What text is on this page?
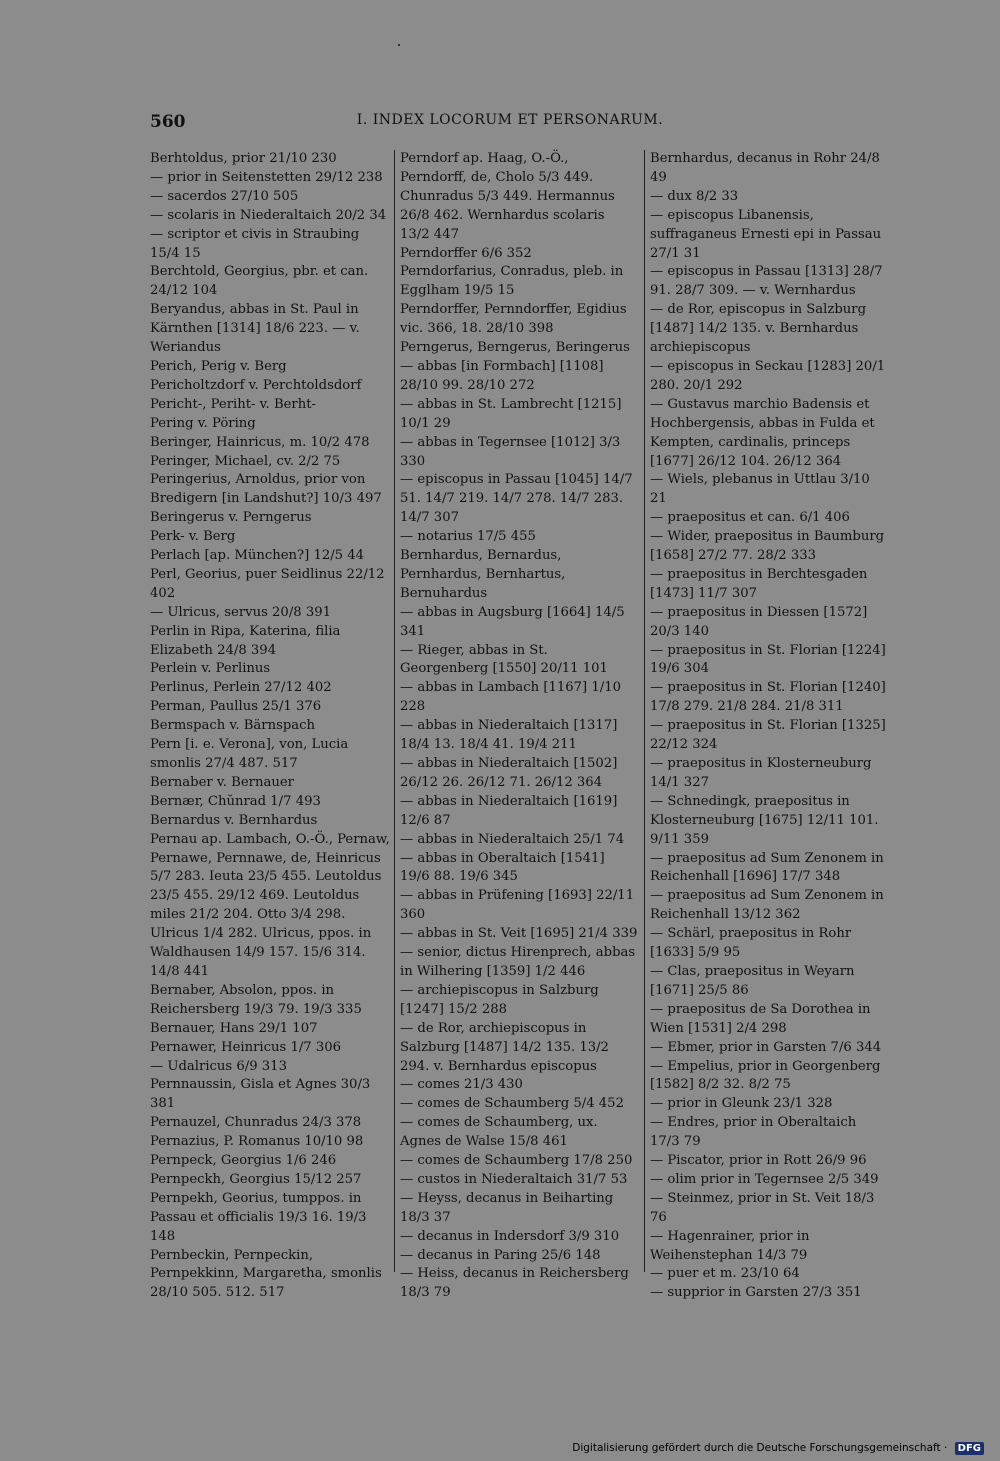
560	I. INDEX LOCORUM ET PERSONARUM.
Berhtoldus, prior 21/10 230
— prior in Seitenstetten 29/12 238
— sacerdos 27/10 505
— scolaris in Niederaltaich 20/2 34
— scriptor et civis in Straubing 15/4 15
Berchtold, Georgius, pbr. et can. 24/12 104
Beryandus, abbas in St. Paul in Kärnthen [1314] 18/6 223. — v. Weriandus
Perich, Perig v. Berg
Pericholtzdorf v. Perchtoldsdorf
Pericht-, Periht- v. Berht-
Pering v. Pöring
Beringer, Hainricus, m. 10/2 478
Peringer, Michael, cv. 2/2 75
Peringerius, Arnoldus, prior von Bredigern [in Landshut?] 10/3 497
Beringerus v. Perngerus
Perk- v. Berg
Perlach [ap. München?] 12/5 44
Perl, Georius, puer Seidlinus 22/12 402
— Ulricus, servus 20/8 391
Perlin in Ripa, Katerina, filia Elizabeth 24/8 394
Perlein v. Perlinus
Perlinus, Perlein 27/12 402
Perman, Paullus 25/1 376
Bermspach v. Bärnspach
Pern [i. e. Verona], von, Lucia smonlis 27/4 487. 517
Bernaber v. Bernauer
Bernær, Chŭnrad 1/7 493
Bernardus v. Bernhardus
Pernau ap. Lambach, O.-Ö., Pernaw, Pernawe, Pernnawe, de, Heinricus 5/7 283. Ieuta 23/5 455. Leutoldus 23/5 455. 29/12 469. Leutoldus miles 21/2 204. Otto 3/4 298. Ulricus 1/4 282. Ulricus, ppos. in Waldhausen 14/9 157. 15/6 314. 14/8 441
Bernaber, Absolon, ppos. in Reichersberg 19/3 79. 19/3 335
Bernauer, Hans 29/1 107
Pernawer, Heinricus 1/7 306
— Udalricus 6/9 313
Pernnaussin, Gisla et Agnes 30/3 381
Pernauzel, Chunradus 24/3 378
Pernazius, P. Romanus 10/10 98
Pernpeck, Georgius 1/6 246
Pernpeckh, Georgius 15/12 257
Pernpekh, Georius, tumppos. in Passau et officialis 19/3 16. 19/3 148
Pernbeckin, Pernpeckin, Pernpekkinn, Margaretha, smonlis 28/10 505. 512. 517
Perndorf ap. Haag, O.-Ö., Perndorff, de, Cholo 5/3 449. Chunradus 5/3 449. Hermannus 26/8 462. Wernhardus scolaris 13/2 447
Perndorffer 6/6 352
Perndorfarius, Conradus, pleb. in Egglham 19/5 15
Perndorffer, Pernndorffer, Egidius vic. 366, 18. 28/10 398
Perngerus, Berngerus, Beringerus
— abbas [in Formbach] [1108] 28/10 99. 28/10 272
— abbas in St. Lambrecht [1215] 10/1 29
— abbas in Tegernsee [1012] 3/3 330
— episcopus in Passau [1045] 14/7 51. 14/7 219. 14/7 278. 14/7 283. 14/7 307
— notarius 17/5 455
Bernhardus, Bernardus, Pernhardus, Bernhartus, Bernuhardus
— abbas in Augsburg [1664] 14/5 341
— Rieger, abbas in St. Georgenberg [1550] 20/11 101
— abbas in Lambach [1167] 1/10 228
— abbas in Niederaltaich [1317] 18/4 13. 18/4 41. 19/4 211
— abbas in Niederaltaich [1502] 26/12 26. 26/12 71. 26/12 364
— abbas in Niederaltaich [1619] 12/6 87
— abbas in Niederaltaich 25/1 74
— abbas in Oberaltaich [1541] 19/6 88. 19/6 345
— abbas in Prüfening [1693] 22/11 360
— abbas in St. Veit [1695] 21/4 339
— senior, dictus Hirenprech, abbas in Wilhering [1359] 1/2 446
— archiepiscopus in Salzburg [1247] 15/2 288
— de Ror, archiepiscopus in Salzburg [1487] 14/2 135. 13/2 294. v. Bernhardus episcopus
— comes 21/3 430
— comes de Schaumberg 5/4 452
— comes de Schaumberg, ux. Agnes de Walse 15/8 461
— comes de Schaumberg 17/8 250
— custos in Niederaltaich 31/7 53
— Heyss, decanus in Beiharting 18/3 37
— decanus in Indersdorf 3/9 310
— decanus in Paring 25/6 148
— Heiss, decanus in Reichersberg 18/3 79
Bernhardus, decanus in Rohr 24/8 49
— dux 8/2 33
— episcopus Libanensis, suffraganeus Ernesti epi in Passau 27/1 31
— episcopus in Passau [1313] 28/7 91. 28/7 309. — v. Wernhardus
— de Ror, episcopus in Salzburg [1487] 14/2 135. v. Bernhardus archiepiscopus
— episcopus in Seckau [1283] 20/1 280. 20/1 292
— Gustavus marchio Badensis et Hochbergensis, abbas in Fulda et Kempten, cardinalis, princeps [1677] 26/12 104. 26/12 364
— Wiels, plebanus in Uttlau 3/10 21
— praepositus et can. 6/1 406
— Wider, praepositus in Baumburg [1658] 27/2 77. 28/2 333
— praepositus in Berchtesgaden [1473] 11/7 307
— praepositus in Diessen [1572] 20/3 140
— praepositus in St. Florian [1224] 19/6 304
— praepositus in St. Florian [1240] 17/8 279. 21/8 284. 21/8 311
— praepositus in St. Florian [1325] 22/12 324
— praepositus in Klosterneuburg 14/1 327
— Schnedingk, praepositus in Klosterneuburg [1675] 12/11 101. 9/11 359
— praepositus ad Sum Zenonem in Reichenhall [1696] 17/7 348
— praepositus ad Sum Zenonem in Reichenhall 13/12 362
— Schärl, praepositus in Rohr [1633] 5/9 95
— Clas, praepositus in Weyarn [1671] 25/5 86
— praepositus de Sa Dorothea in Wien [1531] 2/4 298
— Ebmer, prior in Garsten 7/6 344
— Empelius, prior in Georgenberg [1582] 8/2 32. 8/2 75
— prior in Gleunk 23/1 328
— Endres, prior in Oberaltaich 17/3 79
— Piscator, prior in Rott 26/9 96
— olim prior in Tegernsee 2/5 349
— Steinmez, prior in St. Veit 18/3 76
— Hagenrainer, prior in Weihenstephan 14/3 79
— puer et m. 23/10 64
— supprior in Garsten 27/3 351
Digitalisierung gefördert durch die Deutsche Forschungsgemeinschaft · DFG
